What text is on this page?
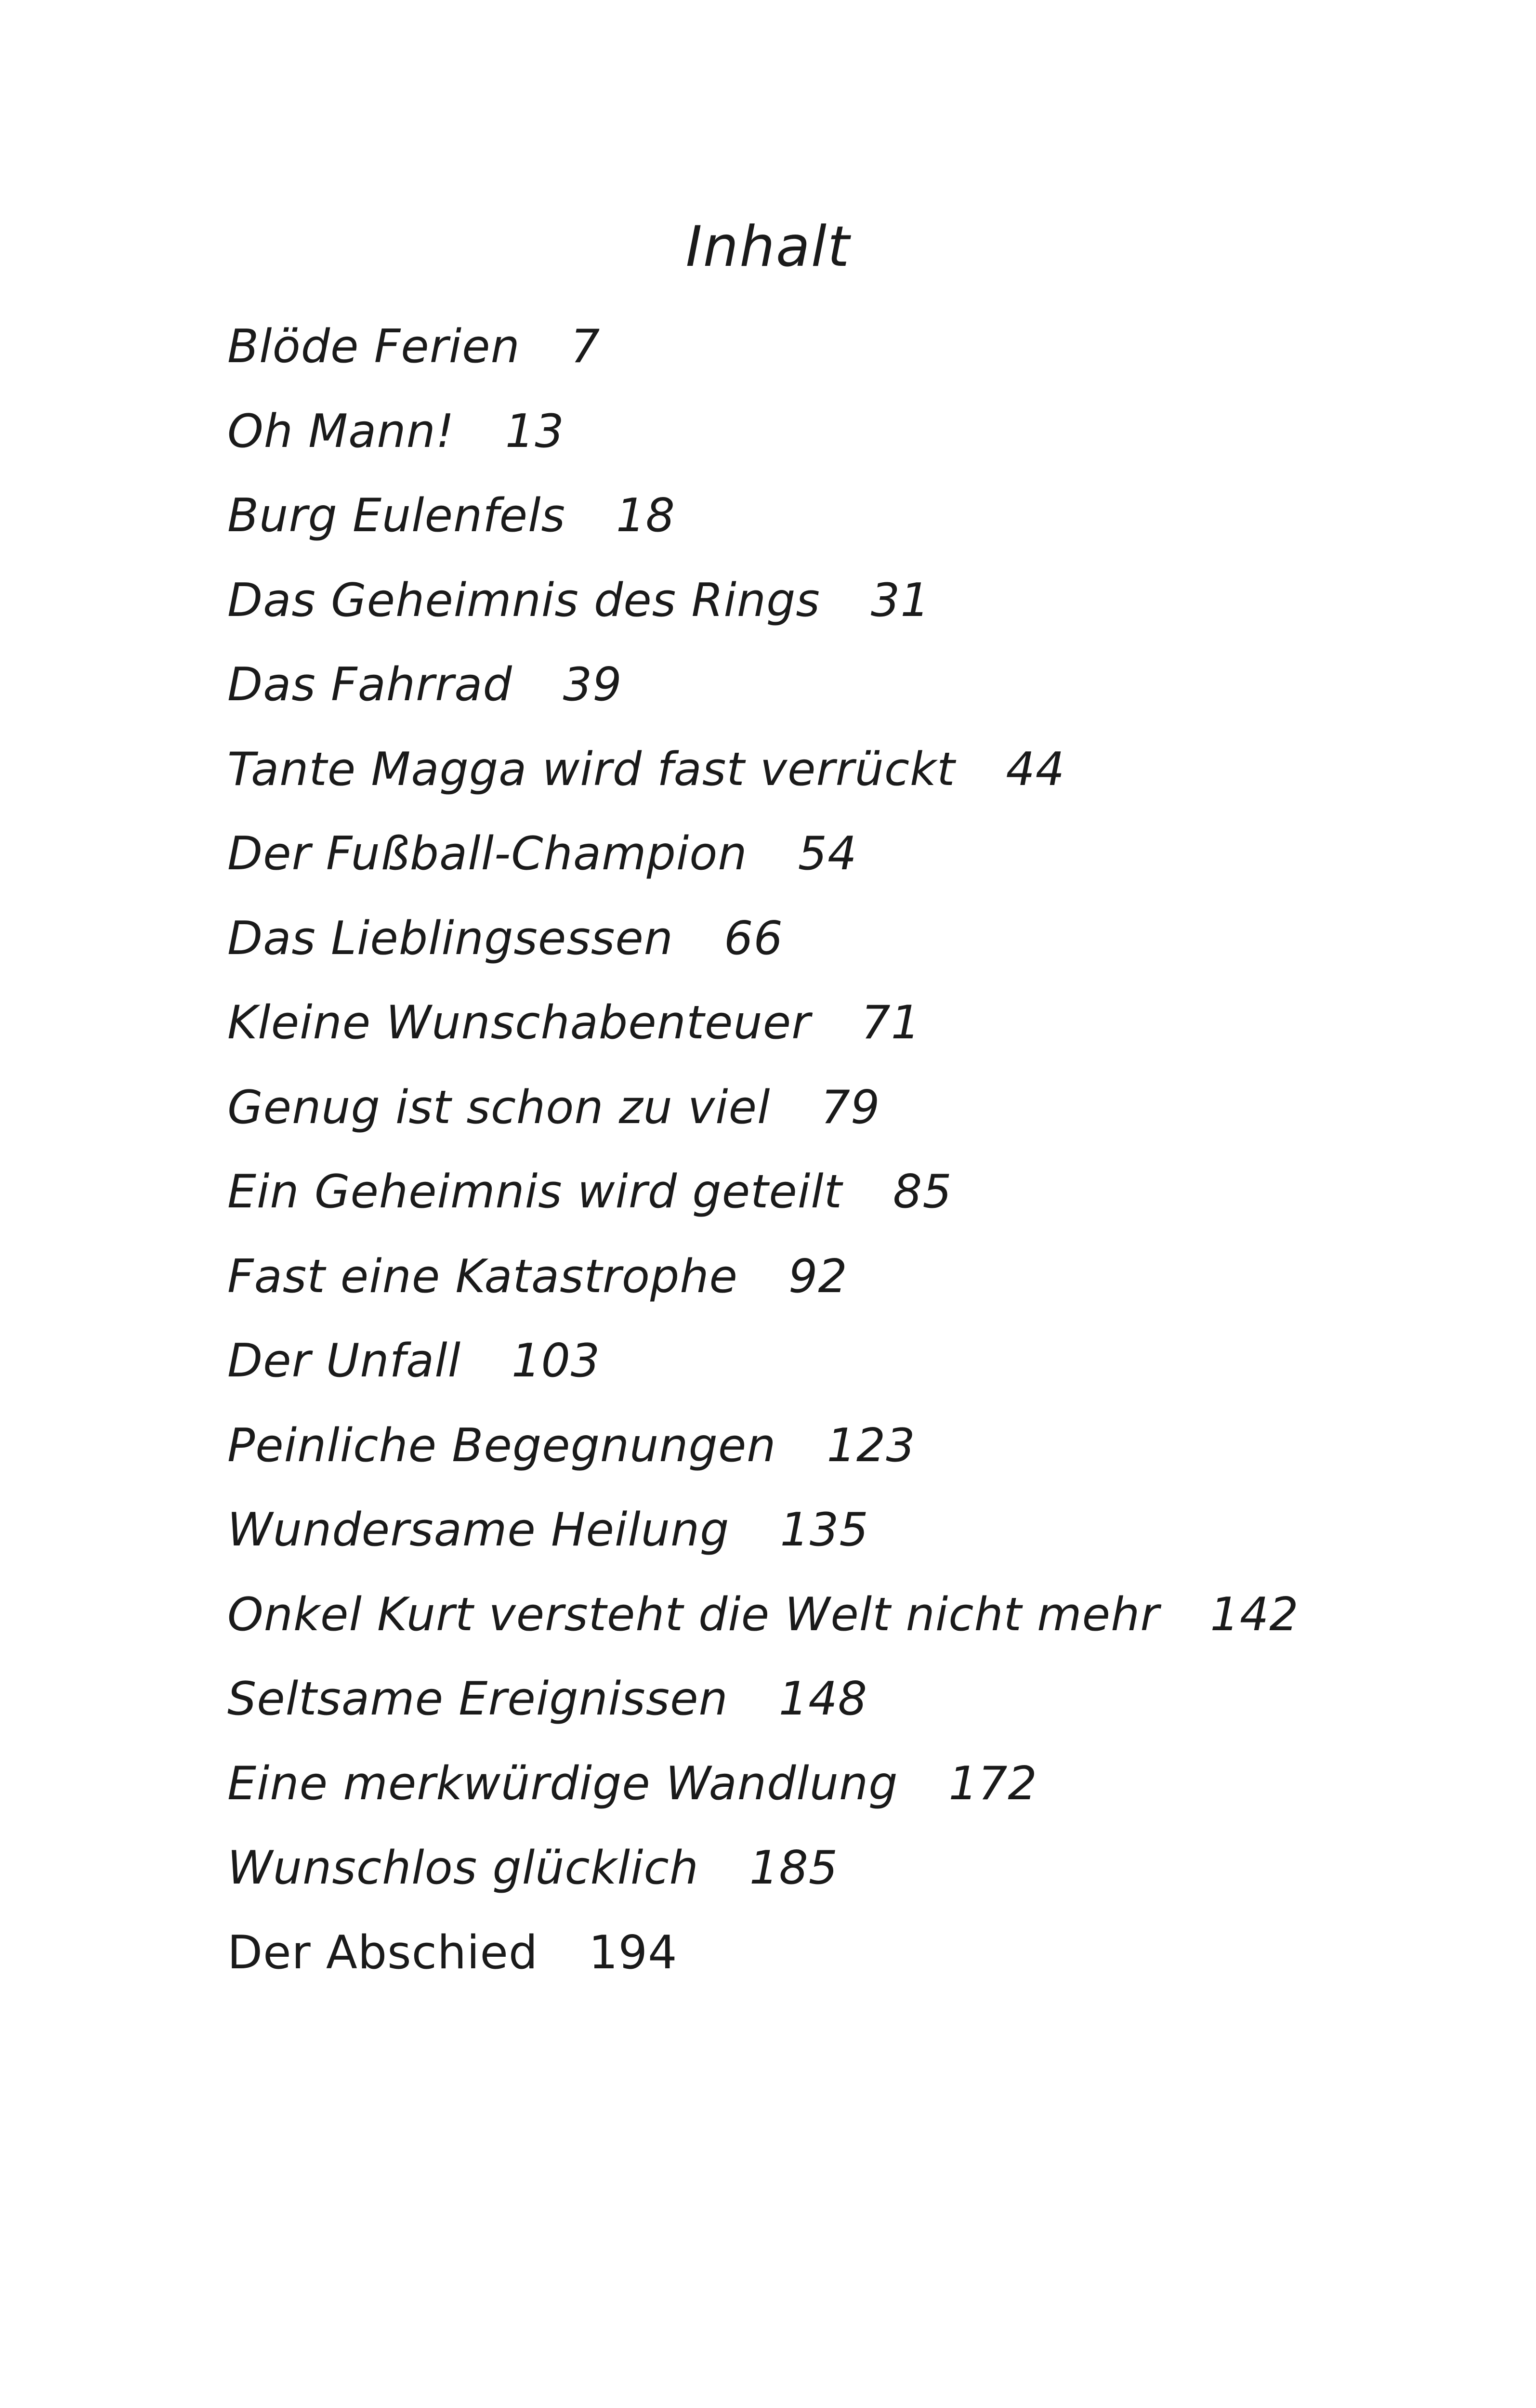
Inhalt
Blöde Ferien 7
Oh Mann! 13
Burg Eulenfels 18
Das Geheimnis des Rings 31
Das Fahrrad 39
Tante Magga wird fast verrückt 44
Der Fußball-Champion 54
Das Lieblingsessen 66
Kleine Wunschabenteuer 71
Genug ist schon zu viel 79
Ein Geheimnis wird geteilt 85
Fast eine Katastrophe 92
Der Unfall 103
Peinliche Begegnungen 123
Wundersame Heilung 135
Onkel Kurt versteht die Welt nicht mehr 142
Seltsame Ereignissen 148
Eine merkwürdige Wandlung 172
Wunschlos glücklich 185
Der Abschied 194
